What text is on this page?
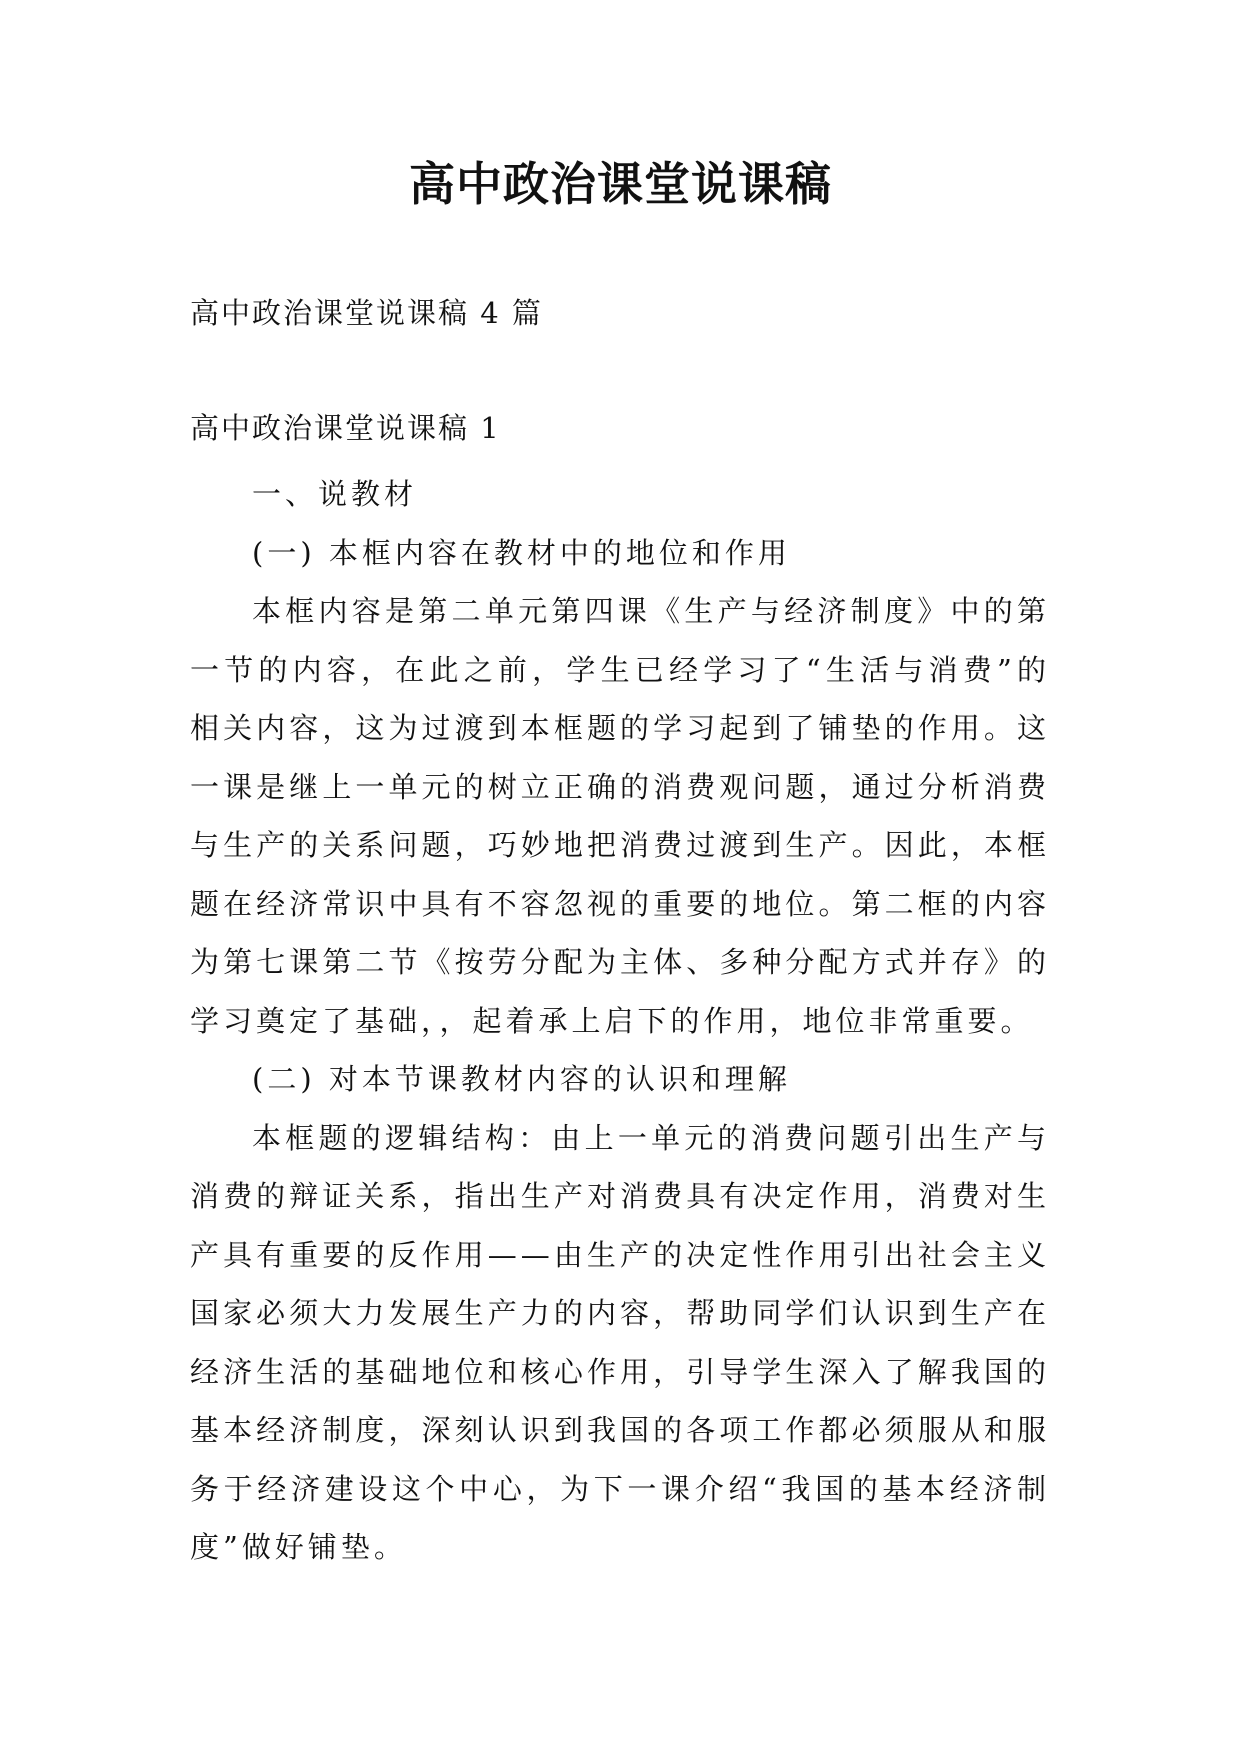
高中政治课堂说课稿
高中政治课堂说课稿 4 篇
高中政治课堂说课稿 1

一、说教材

(一) 本框内容在教材中的地位和作用

本框内容是第二单元第四课《生产与经济制度》中的第一节的内容，在此之前，学生已经学习了“生活与消费”的相关内容，这为过渡到本框题的学习起到了铺垫的作用。这一课是继上一单元的树立正确的消费观问题，通过分析消费与生产的关系问题，巧妙地把消费过渡到生产。因此，本框题在经济常识中具有不容忽视的重要的地位。第二框的内容为第七课第二节《按劳分配为主体、多种分配方式并存》的学习奠定了基础，，起着承上启下的作用，地位非常重要。

(二) 对本节课教材内容的认识和理解

本框题的逻辑结构：由上一单元的消费问题引出生产与消费的辩证关系，指出生产对消费具有决定作用，消费对生产具有重要的反作用——由生产的决定性作用引出社会主义国家必须大力发展生产力的内容，帮助同学们认识到生产在经济生活的基础地位和核心作用，引导学生深入了解我国的基本经济制度，深刻认识到我国的各项工作都必须服从和服务于经济建设这个中心，为下一课介绍“我国的基本经济制度”做好铺垫。
